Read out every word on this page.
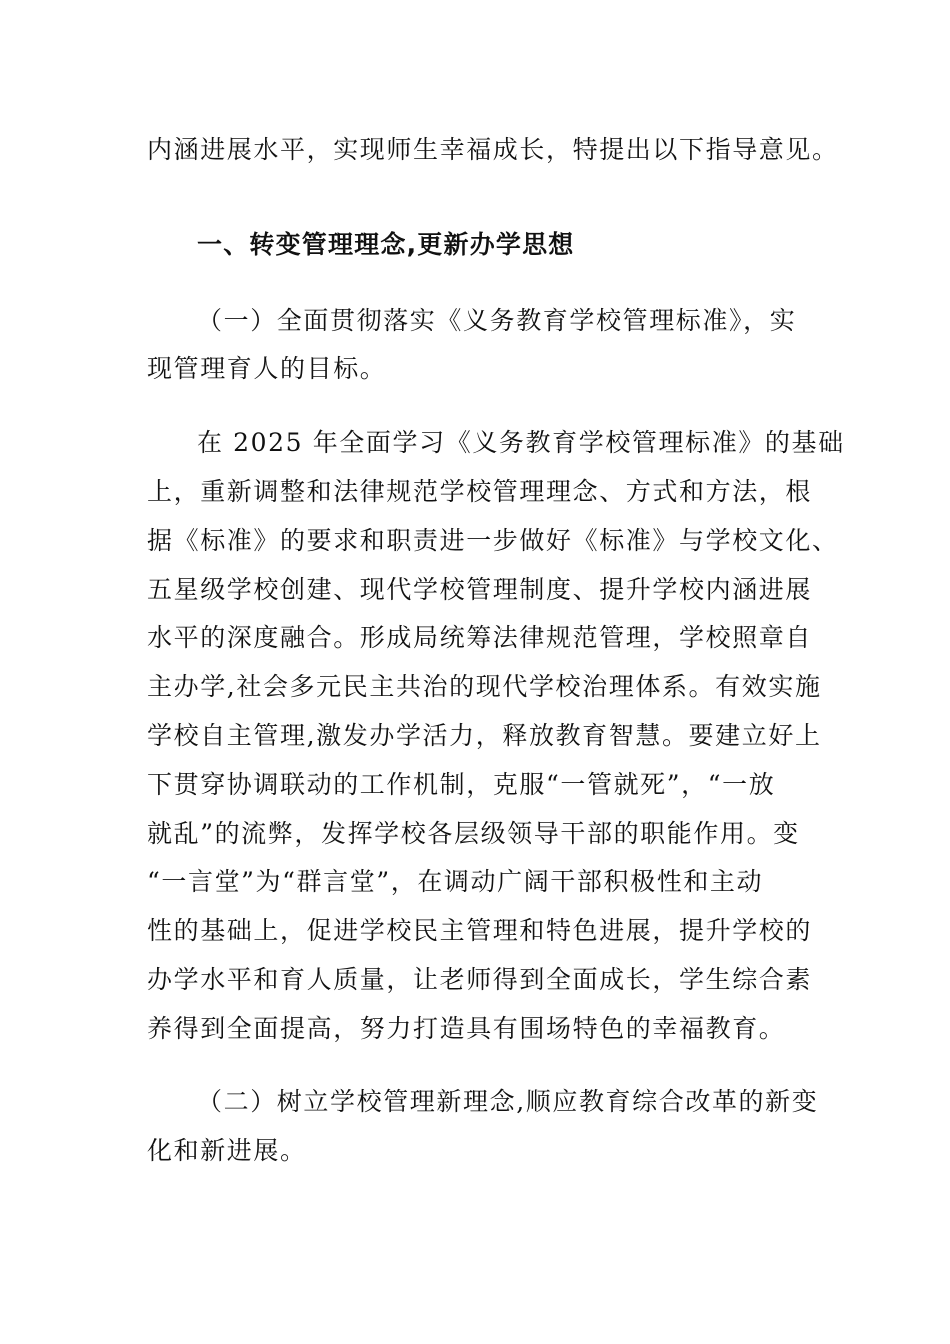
内涵进展水平，实现师生幸福成长，特提出以下指导意见。
一、转变管理理念,更新办学思想
（一）全面贯彻落实《义务教育学校管理标准》，实
现管理育人的目标。
在 2025 年全面学习《义务教育学校管理标准》的基础
上，重新调整和法律规范学校管理理念、方式和方法，根
据《标准》的要求和职责进一步做好《标准》与学校文化、
五星级学校创建、现代学校管理制度、提升学校内涵进展
水平的深度融合。形成局统筹法律规范管理，学校照章自
主办学,社会多元民主共治的现代学校治理体系。有效实施
学校自主管理,激发办学活力，释放教育智慧。要建立好上
下贯穿协调联动的工作机制，克服“一管就死”，“一放
就乱”的流弊，发挥学校各层级领导干部的职能作用。变
“一言堂”为“群言堂”，在调动广阔干部积极性和主动
性的基础上，促进学校民主管理和特色进展，提升学校的
办学水平和育人质量，让老师得到全面成长，学生综合素
养得到全面提高，努力打造具有围场特色的幸福教育。
（二）树立学校管理新理念,顺应教育综合改革的新变
化和新进展。
